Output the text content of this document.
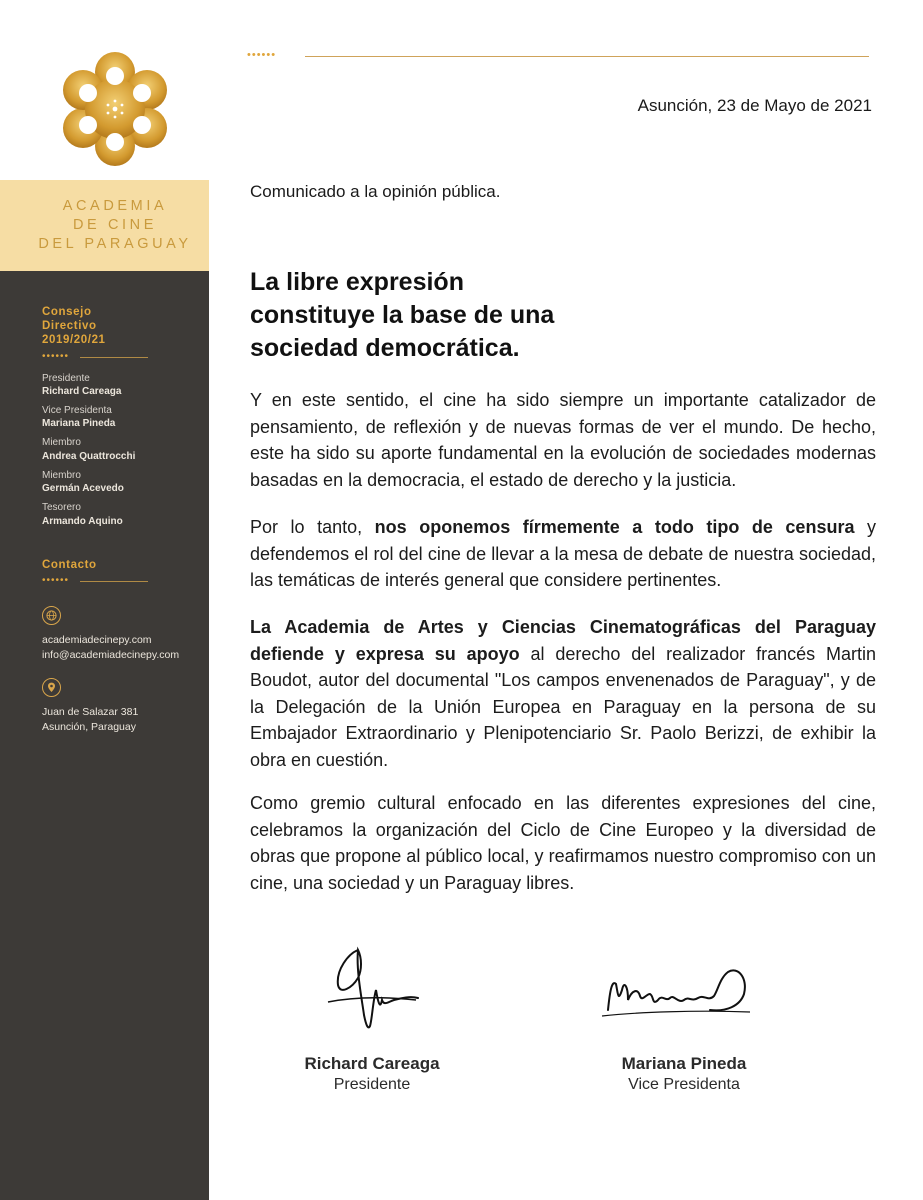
ACADEMIA
DE CINE
DEL PARAGUAY
Consejo
Directivo
2019/20/21
••••••
Presidente
Richard Careaga
Vice Presidenta
Mariana Pineda
Miembro
Andrea Quattrocchi
Miembro
Germán Acevedo
Tesorero
Armando Aquino
Contacto
••••••
academiadecinepy.com
info@academiadecinepy.com
Juan de Salazar 381
Asunción, Paraguay
••••••
Asunción, 23 de Mayo de 2021
Comunicado a la opinión pública.
La libre expresión
constituye la base de una
sociedad democrática.
Y en este sentido, el cine ha sido siempre un importante catalizador de pensamiento, de reflexión y de nuevas formas de ver el mundo. De hecho, este ha sido su aporte fundamental en la evolución de sociedades modernas basadas en la democracia, el estado de derecho y la justicia.
Por lo tanto, nos oponemos fírmemente a todo tipo de censura y defendemos el rol del cine de llevar a la mesa de debate de nuestra sociedad, las temáticas de interés general que considere pertinentes.
La Academia de Artes y Ciencias Cinematográficas del Paraguay defiende y expresa su apoyo al derecho del realizador francés Martin Boudot, autor del documental "Los campos envenenados de Paraguay", y de la Delegación de la Unión Europea en Paraguay en la persona de su Embajador Extraordinario y Plenipotenciario Sr. Paolo Berizzi, de exhibir la obra en cuestión.
Como gremio cultural enfocado en las diferentes expresiones del cine, celebramos la organización del Ciclo de Cine Europeo y la diversidad de obras que propone al público local, y reafirmamos nuestro compromiso con un cine, una sociedad y un Paraguay libres.
Richard Careaga
Presidente
Mariana Pineda
Vice Presidenta
